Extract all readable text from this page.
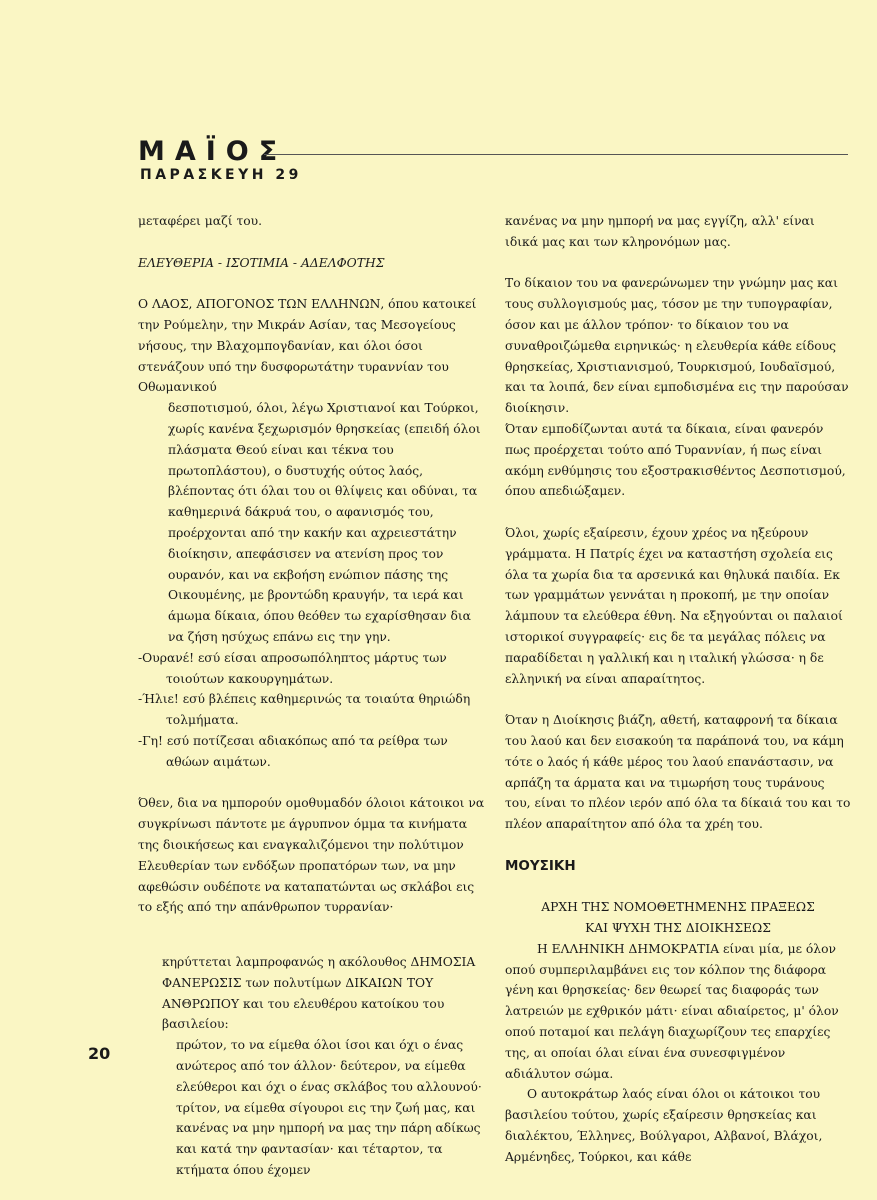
ΜΑΪΟΣ
ΠΑΡΑΣΚΕΥΗ 29

μεταφέρει μαζί του.

ΕΛΕΥΘΕΡΙΑ - ΙΣΟΤΙΜΙΑ - ΑΔΕΛΦΟΤΗΣ

Ο ΛΑΟΣ, ΑΠΟΓΟΝΟΣ ΤΩΝ ΕΛΛΗΝΩΝ, όπου κατοικεί την Ρούμελην, την Μικράν Ασίαν, τας Μεσογείους νήσους, την Βλαχομπογδανίαν, και όλοι όσοι στενάζουν υπό την δυσφορωτάτην τυραννίαν του Οθωμανικού

δεσποτισμού, όλοι, λέγω Χριστιανοί και Τούρκοι, χωρίς κανένα ξεχωρισμόν θρησκείας (επειδή όλοι πλάσματα Θεού είναι και τέκνα του πρωτοπλάστου), ο δυστυχής ούτος λαός, βλέποντας ότι όλαι του οι θλίψεις και οδύναι, τα καθημερινά δάκρυά του, ο αφανισμός του, προέρχονται από την κακήν και αχρειεστάτην διοίκησιν, απεφάσισεν να ατενίση προς τον ουρανόν, και να εκβοήση ενώπιον πάσης της Οικουμένης, με βροντώδη κραυγήν, τα ιερά και άμωμα δίκαια, όπου θεόθεν τω εχαρίσθησαν δια να ζήση ησύχως επάνω εις την γην.

-Ουρανέ! εσύ είσαι απροσωπόληπτος μάρτυς των τοιούτων κακουργημάτων.

-Ήλιε! εσύ βλέπεις καθημερινώς τα τοιαύτα θηριώδη τολμήματα.

-Γη! εσύ ποτίζεσαι αδιακόπως από τα ρείθρα των αθώων αιμάτων.

Όθεν, δια να ημπορούν ομοθυμαδόν όλοιοι κάτοικοι να συγκρίνωσι πάντοτε με άγρυπνον όμμα τα κινήματα της διοικήσεως και εναγκαλιζόμενοι την πολύτιμον Ελευθερίαν των ενδόξων προπατόρων των, να μην αφεθώσιν ουδέποτε να καταπατώνται ως σκλάβοι εις το εξής από την απάνθρωπον τυρρανίαν·

κηρύττεται λαμπροφανώς η ακόλουθος ΔΗΜΟΣΙΑ ΦΑΝΕΡΩΣΙΣ των πολυτίμων ΔΙΚΑΙΩΝ ΤΟΥ ΑΝΘΡΩΠΟΥ και του ελευθέρου κατοίκου του βασιλείου:

πρώτον, το να είμεθα όλοι ίσοι και όχι ο ένας ανώτερος από τον άλλον· δεύτερον, να είμεθα ελεύθεροι και όχι ο ένας σκλάβος του αλλουνού· τρίτον, να είμεθα σίγουροι εις την ζωή μας, και κανένας να μην ημπορή να μας την πάρη αδίκως και κατά την φαντασίαν· και τέταρτον, τα κτήματα όπου έχομεν

κανένας να μην ημπορή να μας εγγίζη, αλλ' είναι ιδικά μας και των κληρονόμων μας.

Το δίκαιον του να φανερώνωμεν την γνώμην μας και τους συλλογισμούς μας, τόσον με την τυπογραφίαν, όσον και με άλλον τρόπον· το δίκαιον του να συναθροιζώμεθα ειρηνικώς· η ελευθερία κάθε είδους θρησκείας, Χριστιανισμού, Τουρκισμού, Ιουδαϊσμού, και τα λοιπά, δεν είναι εμποδισμένα εις την παρούσαν διοίκησιν.

Όταν εμποδίζωνται αυτά τα δίκαια, είναι φανερόν πως προέρχεται τούτο από Τυραννίαν, ή πως είναι ακόμη ενθύμησις του εξοστρακισθέντος Δεσποτισμού, όπου απεδιώξαμεν.

Όλοι, χωρίς εξαίρεσιν, έχουν χρέος να ηξεύρουν γράμματα. Η Πατρίς έχει να καταστήση σχολεία εις όλα τα χωρία δια τα αρσενικά και θηλυκά παιδία. Εκ των γραμμάτων γεννάται η προκοπή, με την οποίαν λάμπουν τα ελεύθερα έθνη. Να εξηγούνται οι παλαιοί ιστορικοί συγγραφείς· εις δε τα μεγάλας πόλεις να παραδίδεται η γαλλική και η ιταλική γλώσσα· η δε ελληνική να είναι απαραίτητος.

Όταν η Διοίκησις βιάζη, αθετή, καταφρονή τα δίκαια του λαού και δεν εισακούη τα παράπονά του, να κάμη τότε ο λαός ή κάθε μέρος του λαού επανάστασιν, να αρπάζη τα άρματα και να τιμωρήση τους τυράνους του, είναι το πλέον ιερόν από όλα τα δίκαιά του και το πλέον απαραίτητον από όλα τα χρέη του.

ΜΟΥΣΙΚΗ

ΑΡΧΗ ΤΗΣ ΝΟΜΟΘΕΤΗΜΕΝΗΣ ΠΡΑΞΕΩΣ
ΚΑΙ ΨΥΧΗ ΤΗΣ ΔΙΟΙΚΗΣΕΩΣ

Η ΕΛΛΗΝΙΚΗ ΔΗΜΟΚΡΑΤΙΑ είναι μία, με όλον οπού συμπεριλαμβάνει εις τον κόλπον της διάφορα γένη και θρησκείας· δεν θεωρεί τας διαφοράς των λατρειών με εχθρικόν μάτι· είναι αδιαίρετος, μ' όλον οπού ποταμοί και πελάγη διαχωρίζουν τες επαρχίες της, αι οποίαι όλαι είναι ένα συνεσφιγμένον αδιάλυτον σώμα.

Ο αυτοκράτωρ λαός είναι όλοι οι κάτοικοι του βασιλείου τούτου, χωρίς εξαίρεσιν θρησκείας και διαλέκτου, Έλληνες, Βούλγαροι, Αλβανοί, Βλάχοι, Αρμένηδες, Τούρκοι, και κάθε

20
